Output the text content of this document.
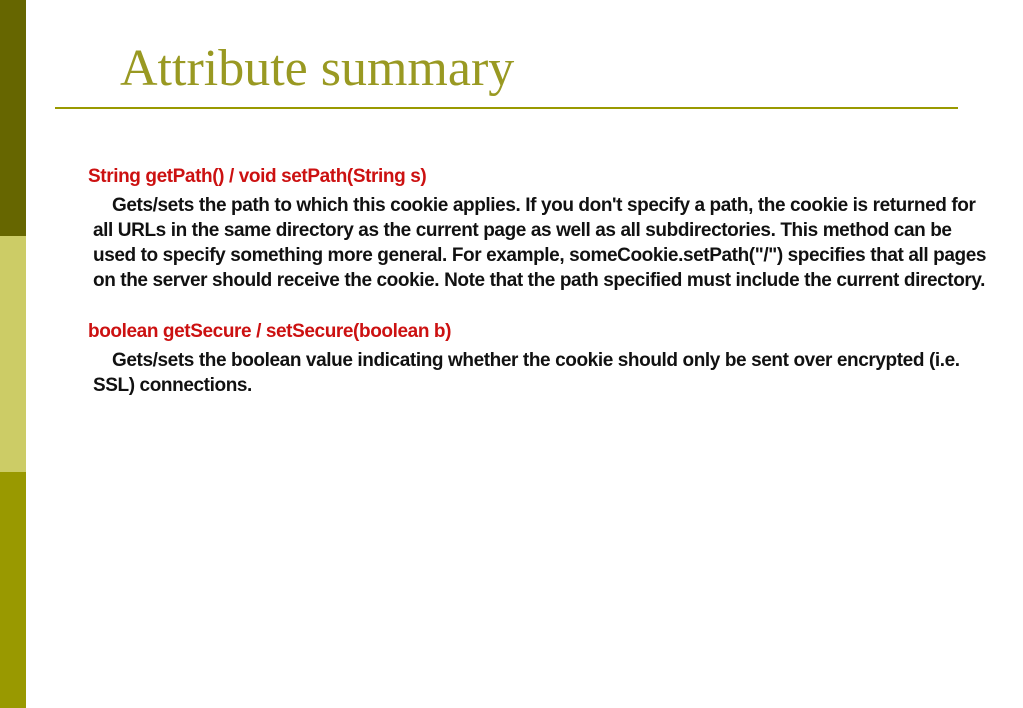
Attribute summary

String getPath() / void setPath(String s)

Gets/sets the path to which this cookie applies. If you don't specify a path, the cookie is returned for all URLs in the same directory as the current page as well as all subdirectories. This method can be used to specify something more general. For example, someCookie.setPath("/") specifies that all pages on the server should receive the cookie. Note that the path specified must include the current directory.

boolean getSecure / setSecure(boolean b)

Gets/sets the boolean value indicating whether the cookie should only be sent over encrypted (i.e. SSL) connections.
